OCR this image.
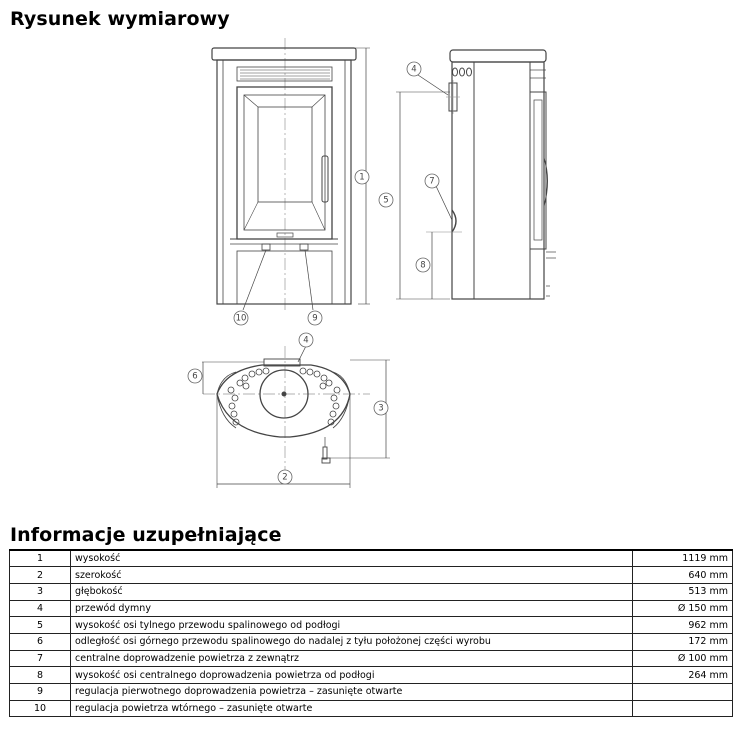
Rysunek wymiarowy
1
5
4
7
8
10	9
4
6
3
2
Informacje uzupełniające
1	wysokość	1119 mm
2	szerokość	640 mm
3	głębokość	513 mm
4	przewód dymny	Ø 150 mm
5	wysokość osi tylnego przewodu spalinowego od podłogi	962 mm
6	odległość osi górnego przewodu spalinowego do nadalej z tyłu położonej części wyrobu	172 mm
7	centralne doprowadzenie powietrza z zewnątrz	Ø 100 mm
8	wysokość osi centralnego doprowadzenia powietrza od podłogi	264 mm
9	regulacja pierwotnego doprowadzenia powietrza – zasunięte otwarte	
10	regulacja powietrza wtórnego – zasunięte otwarte	
